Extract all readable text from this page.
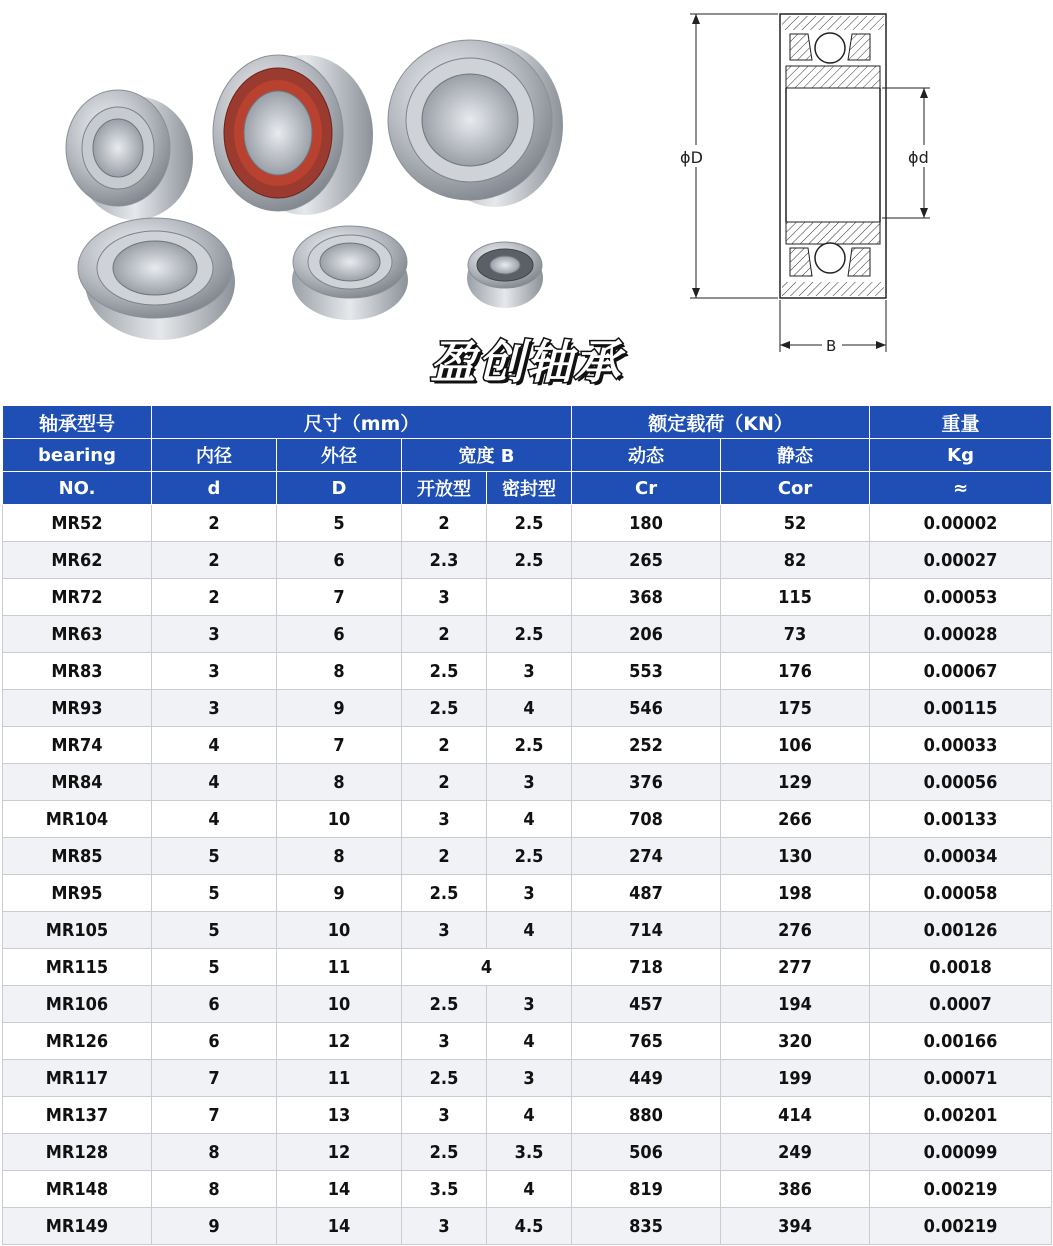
盈创轴承
ϕD	ϕd
B
轴承型号	尺寸（mm）				额定载荷（KN）		重量
bearing	内径	外径	宽度 B		动态	静态	Kg
NO.	d	D	开放型	密封型	Cr	Cor	≈
MR52	2	5	2	2.5	180	52	0.00002
MR62	2	6	2.3	2.5	265	82	0.00027
MR72	2	7	3		368	115	0.00053
MR63	3	6	2	2.5	206	73	0.00028
MR83	3	8	2.5	3	553	176	0.00067
MR93	3	9	2.5	4	546	175	0.00115
MR74	4	7	2	2.5	252	106	0.00033
MR84	4	8	2	3	376	129	0.00056
MR104	4	10	3	4	708	266	0.00133
MR85	5	8	2	2.5	274	130	0.00034
MR95	5	9	2.5	3	487	198	0.00058
MR105	5	10	3	4	714	276	0.00126
MR115	5	11	4		718	277	0.0018
MR106	6	10	2.5	3	457	194	0.0007
MR126	6	12	3	4	765	320	0.00166
MR117	7	11	2.5	3	449	199	0.00071
MR137	7	13	3	4	880	414	0.00201
MR128	8	12	2.5	3.5	506	249	0.00099
MR148	8	14	3.5	4	819	386	0.00219
MR149	9	14	3	4.5	835	394	0.00219
